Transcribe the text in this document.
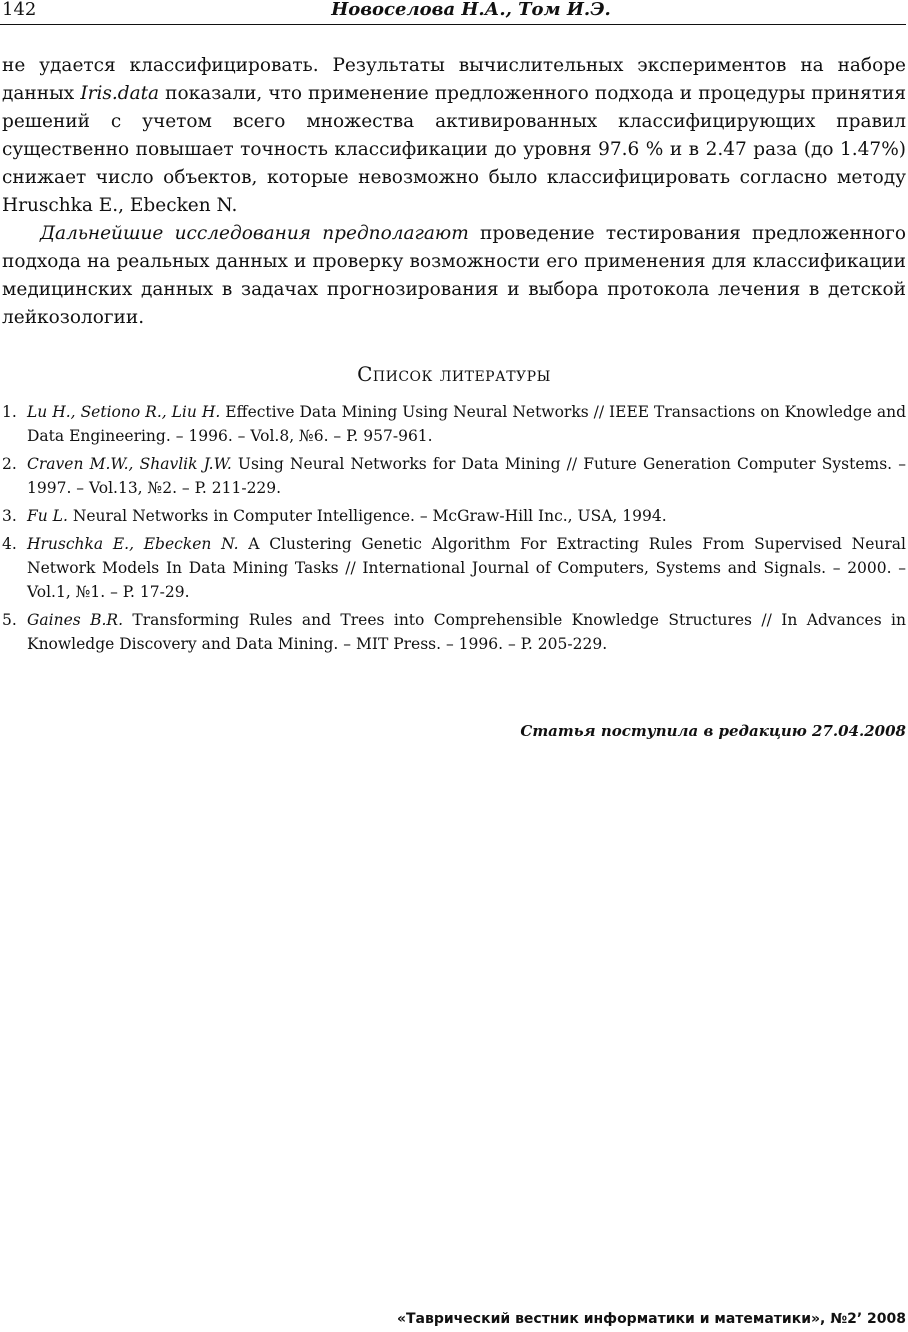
142	Новоселова Н.А., Том И.Э.

не удается классифицировать. Результаты вычислительных экспериментов на наборе данных Iris.data показали, что применение предложенного подхода и процедуры принятия решений с учетом всего множества активированных классифицирующих правил существенно повышает точность классификации до уровня 97.6 % и в 2.47 раза (до 1.47%) снижает число объектов, которые невозможно было классифицировать согласно методу Hruschka E., Ebecken N.

Дальнейшие исследования предполагают проведение тестирования предложенного подхода на реальных данных и проверку возможности его применения для классификации медицинских данных в задачах прогнозирования и выбора протокола лечения в детской лейкозологии.

Список литературы
1. Lu H., Setiono R., Liu H. Effective Data Mining Using Neural Networks // IEEE Transactions on Knowledge and Data Engineering. – 1996. – Vol.8, №6. – P. 957-961.
2. Craven M.W., Shavlik J.W. Using Neural Networks for Data Mining // Future Generation Computer Systems. – 1997. – Vol.13, №2. – P. 211-229.
3. Fu L. Neural Networks in Computer Intelligence. – McGraw-Hill Inc., USA, 1994.
4. Hruschka E., Ebecken N. A Clustering Genetic Algorithm For Extracting Rules From Supervised Neural Network Models In Data Mining Tasks // International Journal of Computers, Systems and Signals. – 2000. – Vol.1, №1. – P. 17-29.
5. Gaines B.R. Transforming Rules and Trees into Comprehensible Knowledge Structures // In Advances in Knowledge Discovery and Data Mining. – MIT Press. – 1996. – P. 205-229.
Статья поступила в редакцию 27.04.2008
«Таврический вестник информатики и математики», №2’ 2008
